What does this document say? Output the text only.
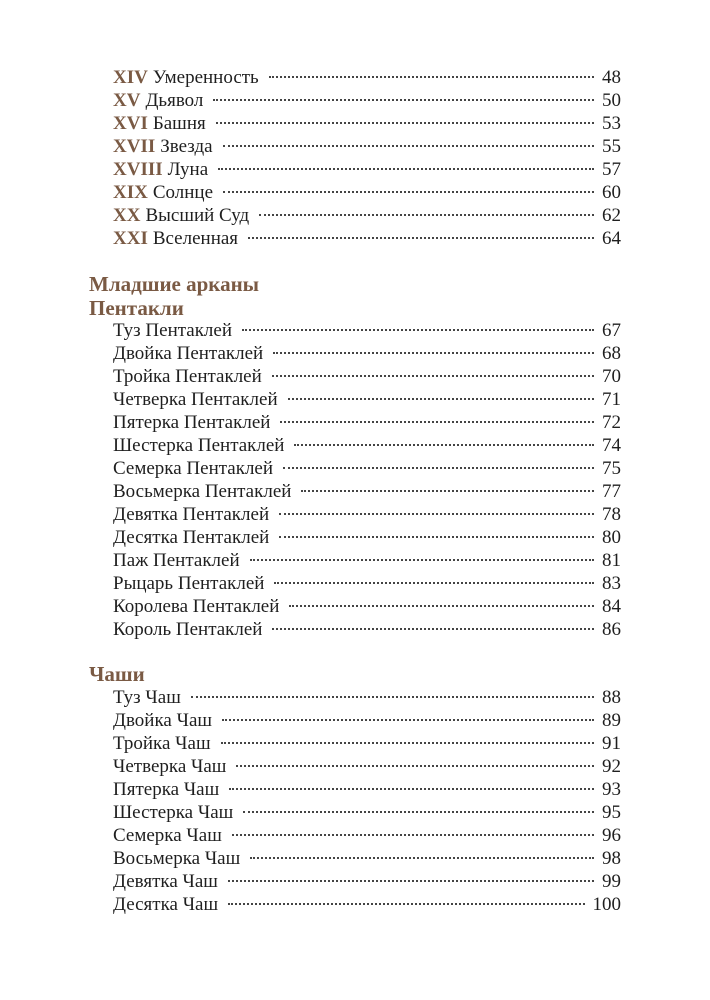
XIV Умеренность	48
XV Дьявол	50
XVI Башня	53
XVII Звезда	55
XVIII Луна	57
XIX Солнце	60
XX Высший Суд	62
XXI Вселенная	64
Младшие арканы
Пентакли
Туз Пентаклей	67
Двойка Пентаклей	68
Тройка Пентаклей	70
Четверка Пентаклей	71
Пятерка Пентаклей	72
Шестерка Пентаклей	74
Семерка Пентаклей	75
Восьмерка Пентаклей	77
Девятка Пентаклей	78
Десятка Пентаклей	80
Паж Пентаклей	81
Рыцарь Пентаклей	83
Королева Пентаклей	84
Король Пентаклей	86
Чаши
Туз Чаш	88
Двойка Чаш	89
Тройка Чаш	91
Четверка Чаш	92
Пятерка Чаш	93
Шестерка Чаш	95
Семерка Чаш	96
Восьмерка Чаш	98
Девятка Чаш	99
Десятка Чаш	100
